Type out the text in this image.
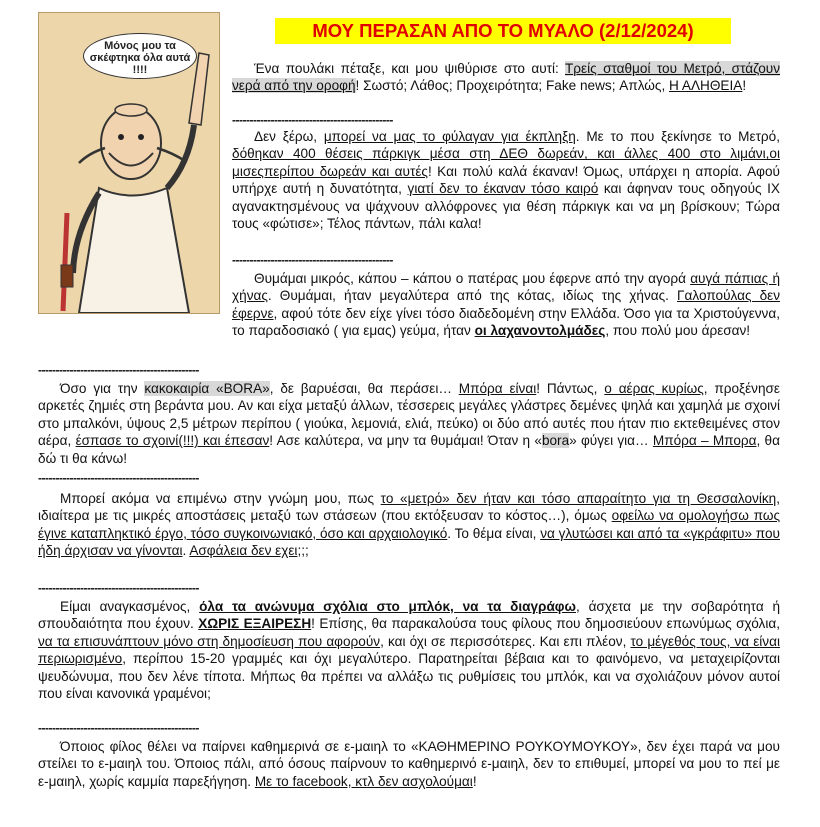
Μόνος μου τα σκέφτηκα όλα αυτά !!!!
ΜΟΥ ΠΕΡΑΣΑΝ ΑΠΟ ΤΟ ΜΥΑΛΟ (2/12/2024)

Ένα πουλάκι πέταξε, και μου ψιθύρισε στο αυτί: Τρείς σταθμοί του Μετρό, στάζουν νερά από την οροφή! Σωστό; Λάθος; Προχειρότητα; Fake news; Απλώς, Η ΑΛΗΘΕΙΑ!

----------------------------------------------

Δεν ξέρω, μπορεί να μας το φύλαγαν για έκπληξη. Με το που ξεκίνησε το Μετρό, δόθηκαν 400 θέσεις πάρκιγκ μέσα στη ΔΕΘ δωρεάν, και άλλες 400 στο λιμάνι,οι μισεςπερίπου δωρεάν και αυτές! Και πολύ καλά έκαναν! Όμως, υπάρχει η απορία. Αφού υπήρχε αυτή η δυνατότητα, γιατί δεν το έκαναν τόσο καιρό και άφηναν τους οδηγούς ΙΧ αγανακτησμένους να ψάχνουν αλλόφρονες για θέση πάρκιγκ και να μη βρίσκουν; Τώρα τους «φώτισε»; Τέλος πάντων, πάλι καλα!

----------------------------------------------

Θυμάμαι μικρός, κάπου – κάπου ο πατέρας μου έφερνε από την αγορά αυγά πάπιας ή χήνας. Θυμάμαι, ήταν μεγαλύτερα από της κότας, ιδίως της χήνας. Γαλοπούλας δεν έφερνε, αφού τότε δεν είχε γίνει τόσο διαδεδομένη στην Ελλάδα. Όσο για τα Χριστούγεννα, το παραδοσιακό ( για εμας) γεύμα, ήταν οι λαχανοντολμάδες, που πολύ μου άρεσαν!

----------------------------------------------

Όσο για την κακοκαιρία «BORA», δε βαρυέσαι, θα περάσει… Μπόρα είναι! Πάντως, ο αέρας κυρίως, προξένησε αρκετές ζημιές στη βεράντα μου. Αν και είχα μεταξύ άλλων, τέσσερεις μεγάλες γλάστρες δεμένες ψηλά και χαμηλά με σχοινί στο μπαλκόνι, ύψους 2,5 μέτρων περίπου ( γιούκα, λεμονιά, ελιά, πεύκο) οι δύο από αυτές που ήταν πιο εκτεθειμένες στον αέρα, έσπασε το σχοινί(!!!) και έπεσαν! Ασε καλύτερα, να μην τα θυμάμαι! Όταν η «bora» φύγει για… Μπόρα – Μπορα, θα δώ τι θα κάνω!

----------------------------------------------

Μπορεί ακόμα να επιμένω στην γνώμη μου, πως το «μετρό» δεν ήταν και τόσο απαραίτητο για τη Θεσσαλονίκη, ιδιαίτερα με τις μικρές αποστάσεις μεταξύ των στάσεων (που εκτόξευσαν το κόστος…), όμως οφείλω να ομολογήσω πως έγινε καταπληκτικό έργο, τόσο συγκοινωνιακό, όσο και αρχαιολογικό. Το θέμα είναι, να γλυτώσει και από τα «γκράφιτυ» που ήδη άρχισαν να γίνονται. Ασφάλεια δεν εχει;;;

----------------------------------------------

Είμαι αναγκασμένος, όλα τα ανώνυμα σχόλια στο μπλόκ, να τα διαγράφω, άσχετα με την σοβαρότητα ή σπουδαιότητα που έχουν. ΧΩΡΙΣ ΕΞΑΙΡΕΣΗ! Επίσης, θα παρακαλούσα τους φίλους που δημοσιεύουν επωνύμως σχόλια, να τα επισυνάπτουν μόνο στη δημοσίευση που αφορούν, και όχι σε περισσότερες. Και επι πλέον, το μέγεθός τους, να είναι περιωρισμένο, περίπου 15-20 γραμμές και όχι μεγαλύτερο. Παρατηρείται βέβαια και το φαινόμενο, να μεταχειρίζονται ψευδώνυμα, που δεν λένε τίποτα. Μήπως θα πρέπει να αλλάξω τις ρυθμίσεις του μπλόκ, και να σχολιάζουν μόνον αυτοί που είναι κανονικά γραμένοι;

----------------------------------------------

Όποιος φίλος θέλει να παίρνει καθημερινά σε ε-μαιηλ το «ΚΑΘΗΜΕΡΙΝΟ ΡΟΥΚΟΥΜΟΥΚΟΥ», δεν έχει παρά να μου στείλει το ε-μαιηλ του. Όποιος πάλι, από όσους παίρνουν το καθημερινό ε-μαιηλ, δεν το επιθυμεί, μπορεί να μου το πεί με ε-μαιηλ, χωρίς καμμία παρεξήγηση. Με το facebook, κτλ δεν ασχολούμαι!
